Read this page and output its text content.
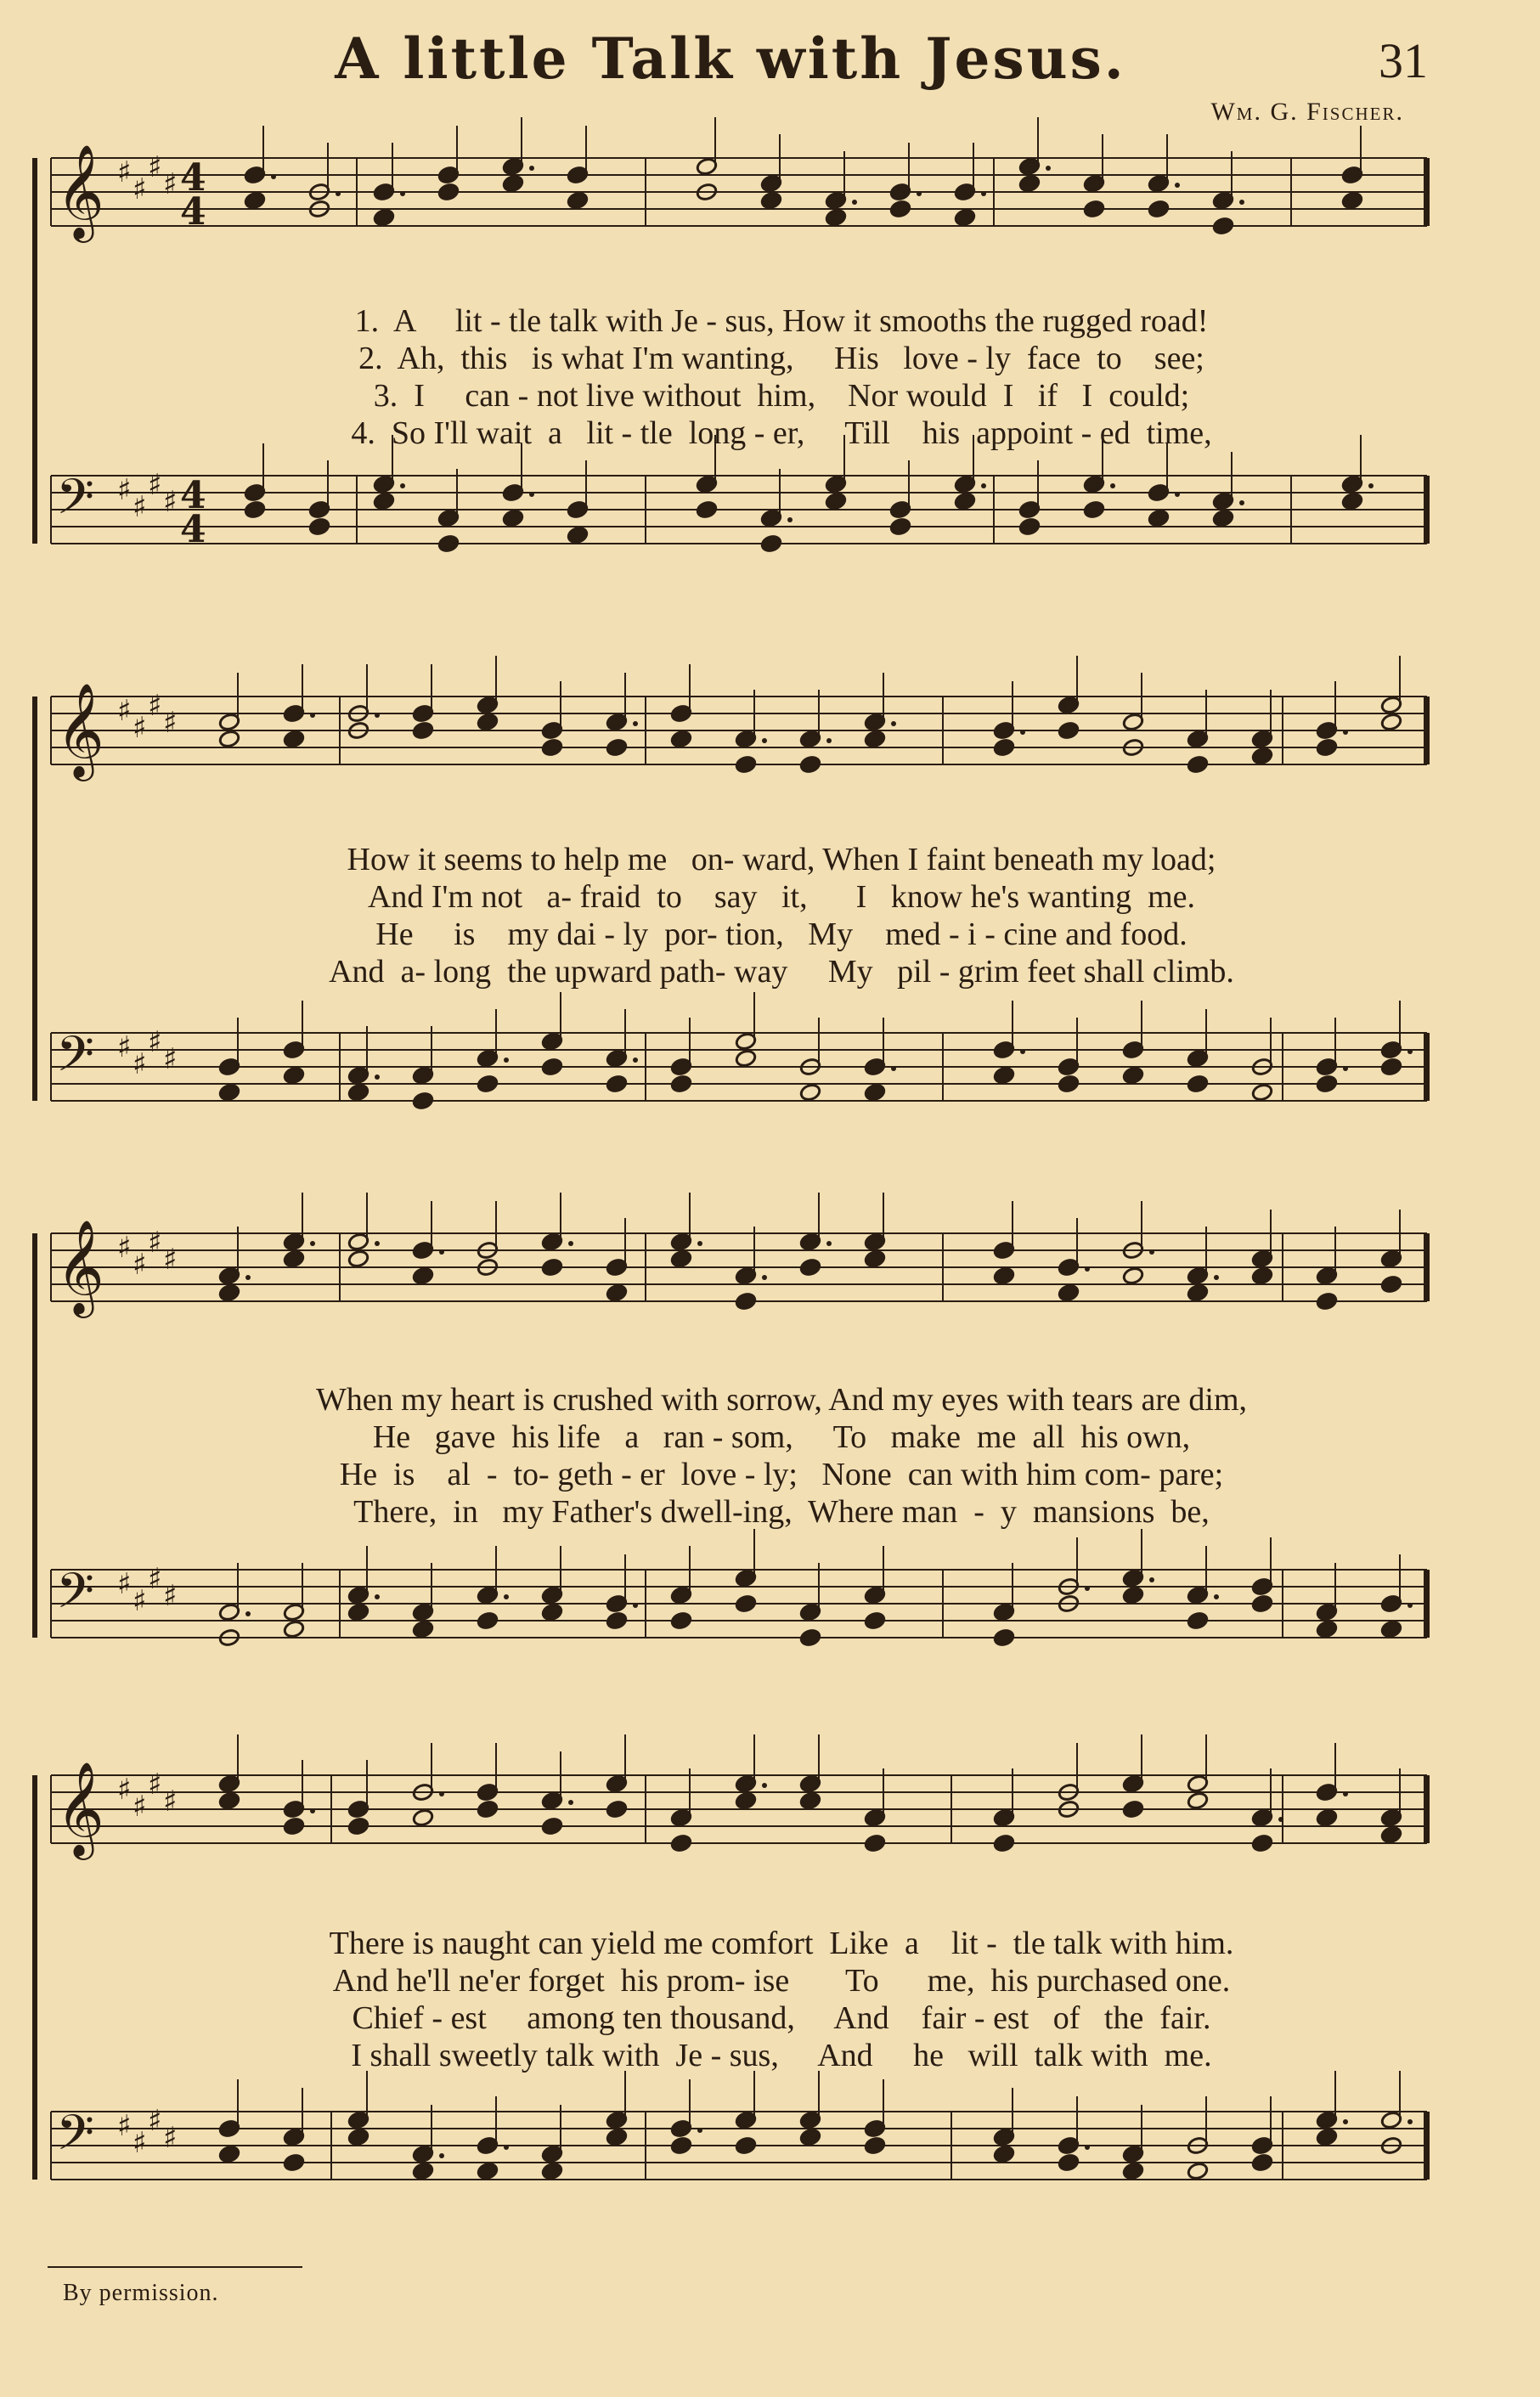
A little Talk with Jesus.	31
Wm. G. Fischer.
𝄞 ♯ ♯
♯ ♯ 4
4
𝄢 ♯ ♯
♯ ♯ 4
4
𝄞 ♯ ♯
♯ ♯
𝄢 ♯ ♯
♯ ♯
𝄞 ♯ ♯
♯ ♯
𝄢 ♯ ♯
♯ ♯
𝄞 ♯ ♯
♯ ♯
𝄢 ♯ ♯
♯ ♯
1.  A     lit - tle talk with Je - sus, How it smooths the rugged road!
2.  Ah,  this   is what I'm wanting,     His   love - ly  face  to    see;
3.  I     can - not live without  him,    Nor would  I   if   I  could;
4.  So I'll wait  a   lit - tle  long - er,     Till    his  appoint - ed  time,
How it seems to help me   on- ward, When I faint beneath my load;
And I'm not   a- fraid  to    say   it,      I   know he's wanting  me.
He     is    my dai - ly  por- tion,   My    med - i - cine and food.
And  a- long  the upward path- way     My   pil - grim feet shall climb.
When my heart is crushed with sorrow, And my eyes with tears are dim,
He   gave  his life   a   ran - som,     To   make  me  all  his own,
He  is    al  -  to- geth - er  love - ly;   None  can with him com- pare;
There,  in   my Father's dwell-ing,  Where man  -  y  mansions  be,
There is naught can yield me comfort  Like  a    lit -  tle talk with him.
And he'll ne'er forget  his prom- ise       To      me,  his purchased one.
Chief - est     among ten thousand,     And    fair - est   of   the  fair.
I shall sweetly talk with  Je - sus,     And     he   will  talk with  me.
By permission.
